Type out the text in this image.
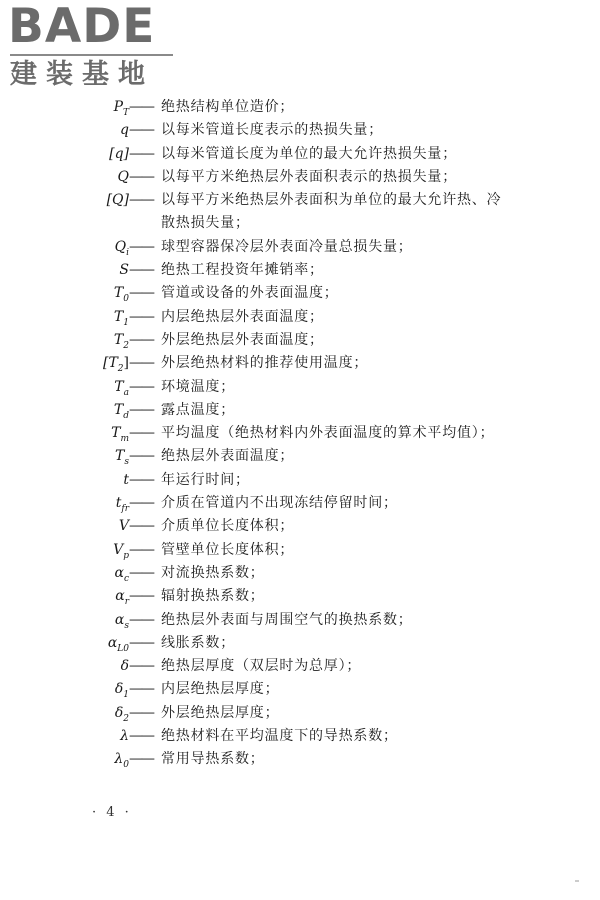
BADE
建装基地
$P_T——$ 绝热结构单位造价；
q—— 以每米管道长度表示的热损失量；
[q]—— 以每米管道长度为单位的最大允许热损失量；
Q—— 以每平方米绝热层外表面积表示的热损失量；
[Q]—— 以每平方米绝热层外表面积为单位的最大允许热、冷
散热损失量；
$Q_i——$ 球型容器保冷层外表面冷量总损失量；
S—— 绝热工程投资年摊销率；
$T_0——$ 管道或设备的外表面温度；
$T_1——$ 内层绝热层外表面温度；
$T_2——$ 外层绝热层外表面温度；
$[T_2]——$ 外层绝热材料的推荐使用温度；
$T_a——$ 环境温度；
$T_d——$ 露点温度；
$T_m——$ 平均温度（绝热材料内外表面温度的算术平均值）；
$T_s——$ 绝热层外表面温度；
t—— 年运行时间；
$t_{fr}——$ 介质在管道内不出现冻结停留时间；
V—— 介质单位长度体积；
$V_p——$ 管壁单位长度体积；
$\alpha_c——$ 对流换热系数；
$\alpha_r——$ 辐射换热系数；
$\alpha_s——$ 绝热层外表面与周围空气的换热系数；
$\alpha_{L0}——$ 线胀系数；
δ—— 绝热层厚度（双层时为总厚）；
$\delta_1——$ 内层绝热层厚度；
$\delta_2——$ 外层绝热层厚度；
λ—— 绝热材料在平均温度下的导热系数；
$\lambda_0——$ 常用导热系数；
· 4 ·
